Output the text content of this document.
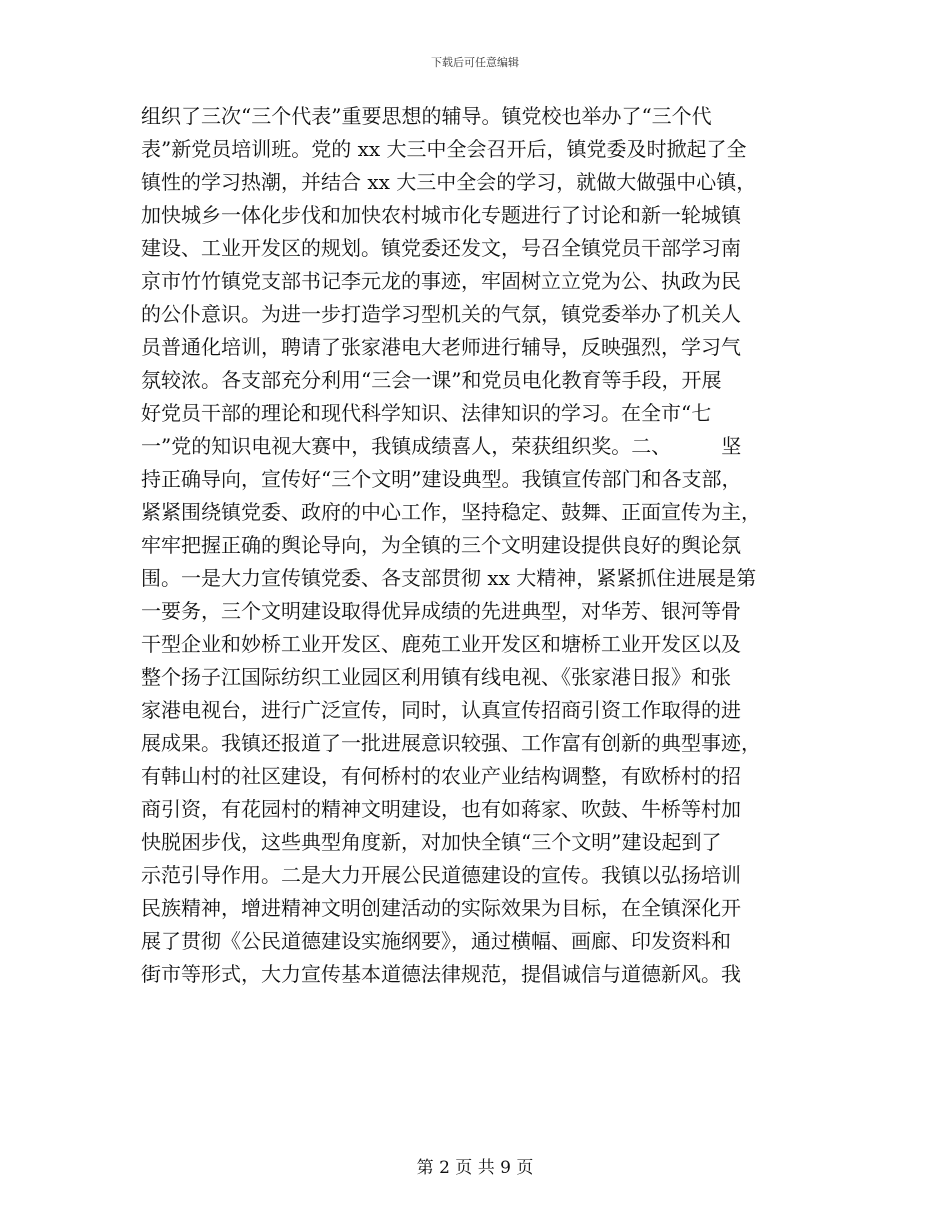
下载后可任意编辑
组织了三次“三个代表”重要思想的辅导。镇党校也举办了“三个代
表”新党员培训班。党的 xx 大三中全会召开后，镇党委及时掀起了全
镇性的学习热潮，并结合 xx 大三中全会的学习，就做大做强中心镇，
加快城乡一体化步伐和加快农村城市化专题进行了讨论和新一轮城镇
建设、工业开发区的规划。镇党委还发文，号召全镇党员干部学习南
京市竹竹镇党支部书记李元龙的事迹，牢固树立立党为公、执政为民
的公仆意识。为进一步打造学习型机关的气氛，镇党委举办了机关人
员普通化培训，聘请了张家港电大老师进行辅导，反映强烈，学习气
氛较浓。各支部充分利用“三会一课”和党员电化教育等手段，开展
好党员干部的理论和现代科学知识、法律知识的学习。在全市“七
一”党的知识电视大赛中，我镇成绩喜人，荣获组织奖。二、　　　坚
持正确导向，宣传好“三个文明”建设典型。我镇宣传部门和各支部，
紧紧围绕镇党委、政府的中心工作，坚持稳定、鼓舞、正面宣传为主，
牢牢把握正确的舆论导向，为全镇的三个文明建设提供良好的舆论氛
围。一是大力宣传镇党委、各支部贯彻 xx 大精神，紧紧抓住进展是第
一要务，三个文明建设取得优异成绩的先进典型，对华芳、银河等骨
干型企业和妙桥工业开发区、鹿苑工业开发区和塘桥工业开发区以及
整个扬子江国际纺织工业园区利用镇有线电视、《张家港日报》和张
家港电视台，进行广泛宣传，同时，认真宣传招商引资工作取得的进
展成果。我镇还报道了一批进展意识较强、工作富有创新的典型事迹，
有韩山村的社区建设，有何桥村的农业产业结构调整，有欧桥村的招
商引资，有花园村的精神文明建设，也有如蒋家、吹鼓、牛桥等村加
快脱困步伐，这些典型角度新，对加快全镇“三个文明”建设起到了
示范引导作用。二是大力开展公民道德建设的宣传。我镇以弘扬培训
民族精神，增进精神文明创建活动的实际效果为目标，在全镇深化开
展了贯彻《公民道德建设实施纲要》，通过横幅、画廊、印发资料和
街市等形式，大力宣传基本道德法律规范，提倡诚信与道德新风。我
第 2 页 共 9 页
